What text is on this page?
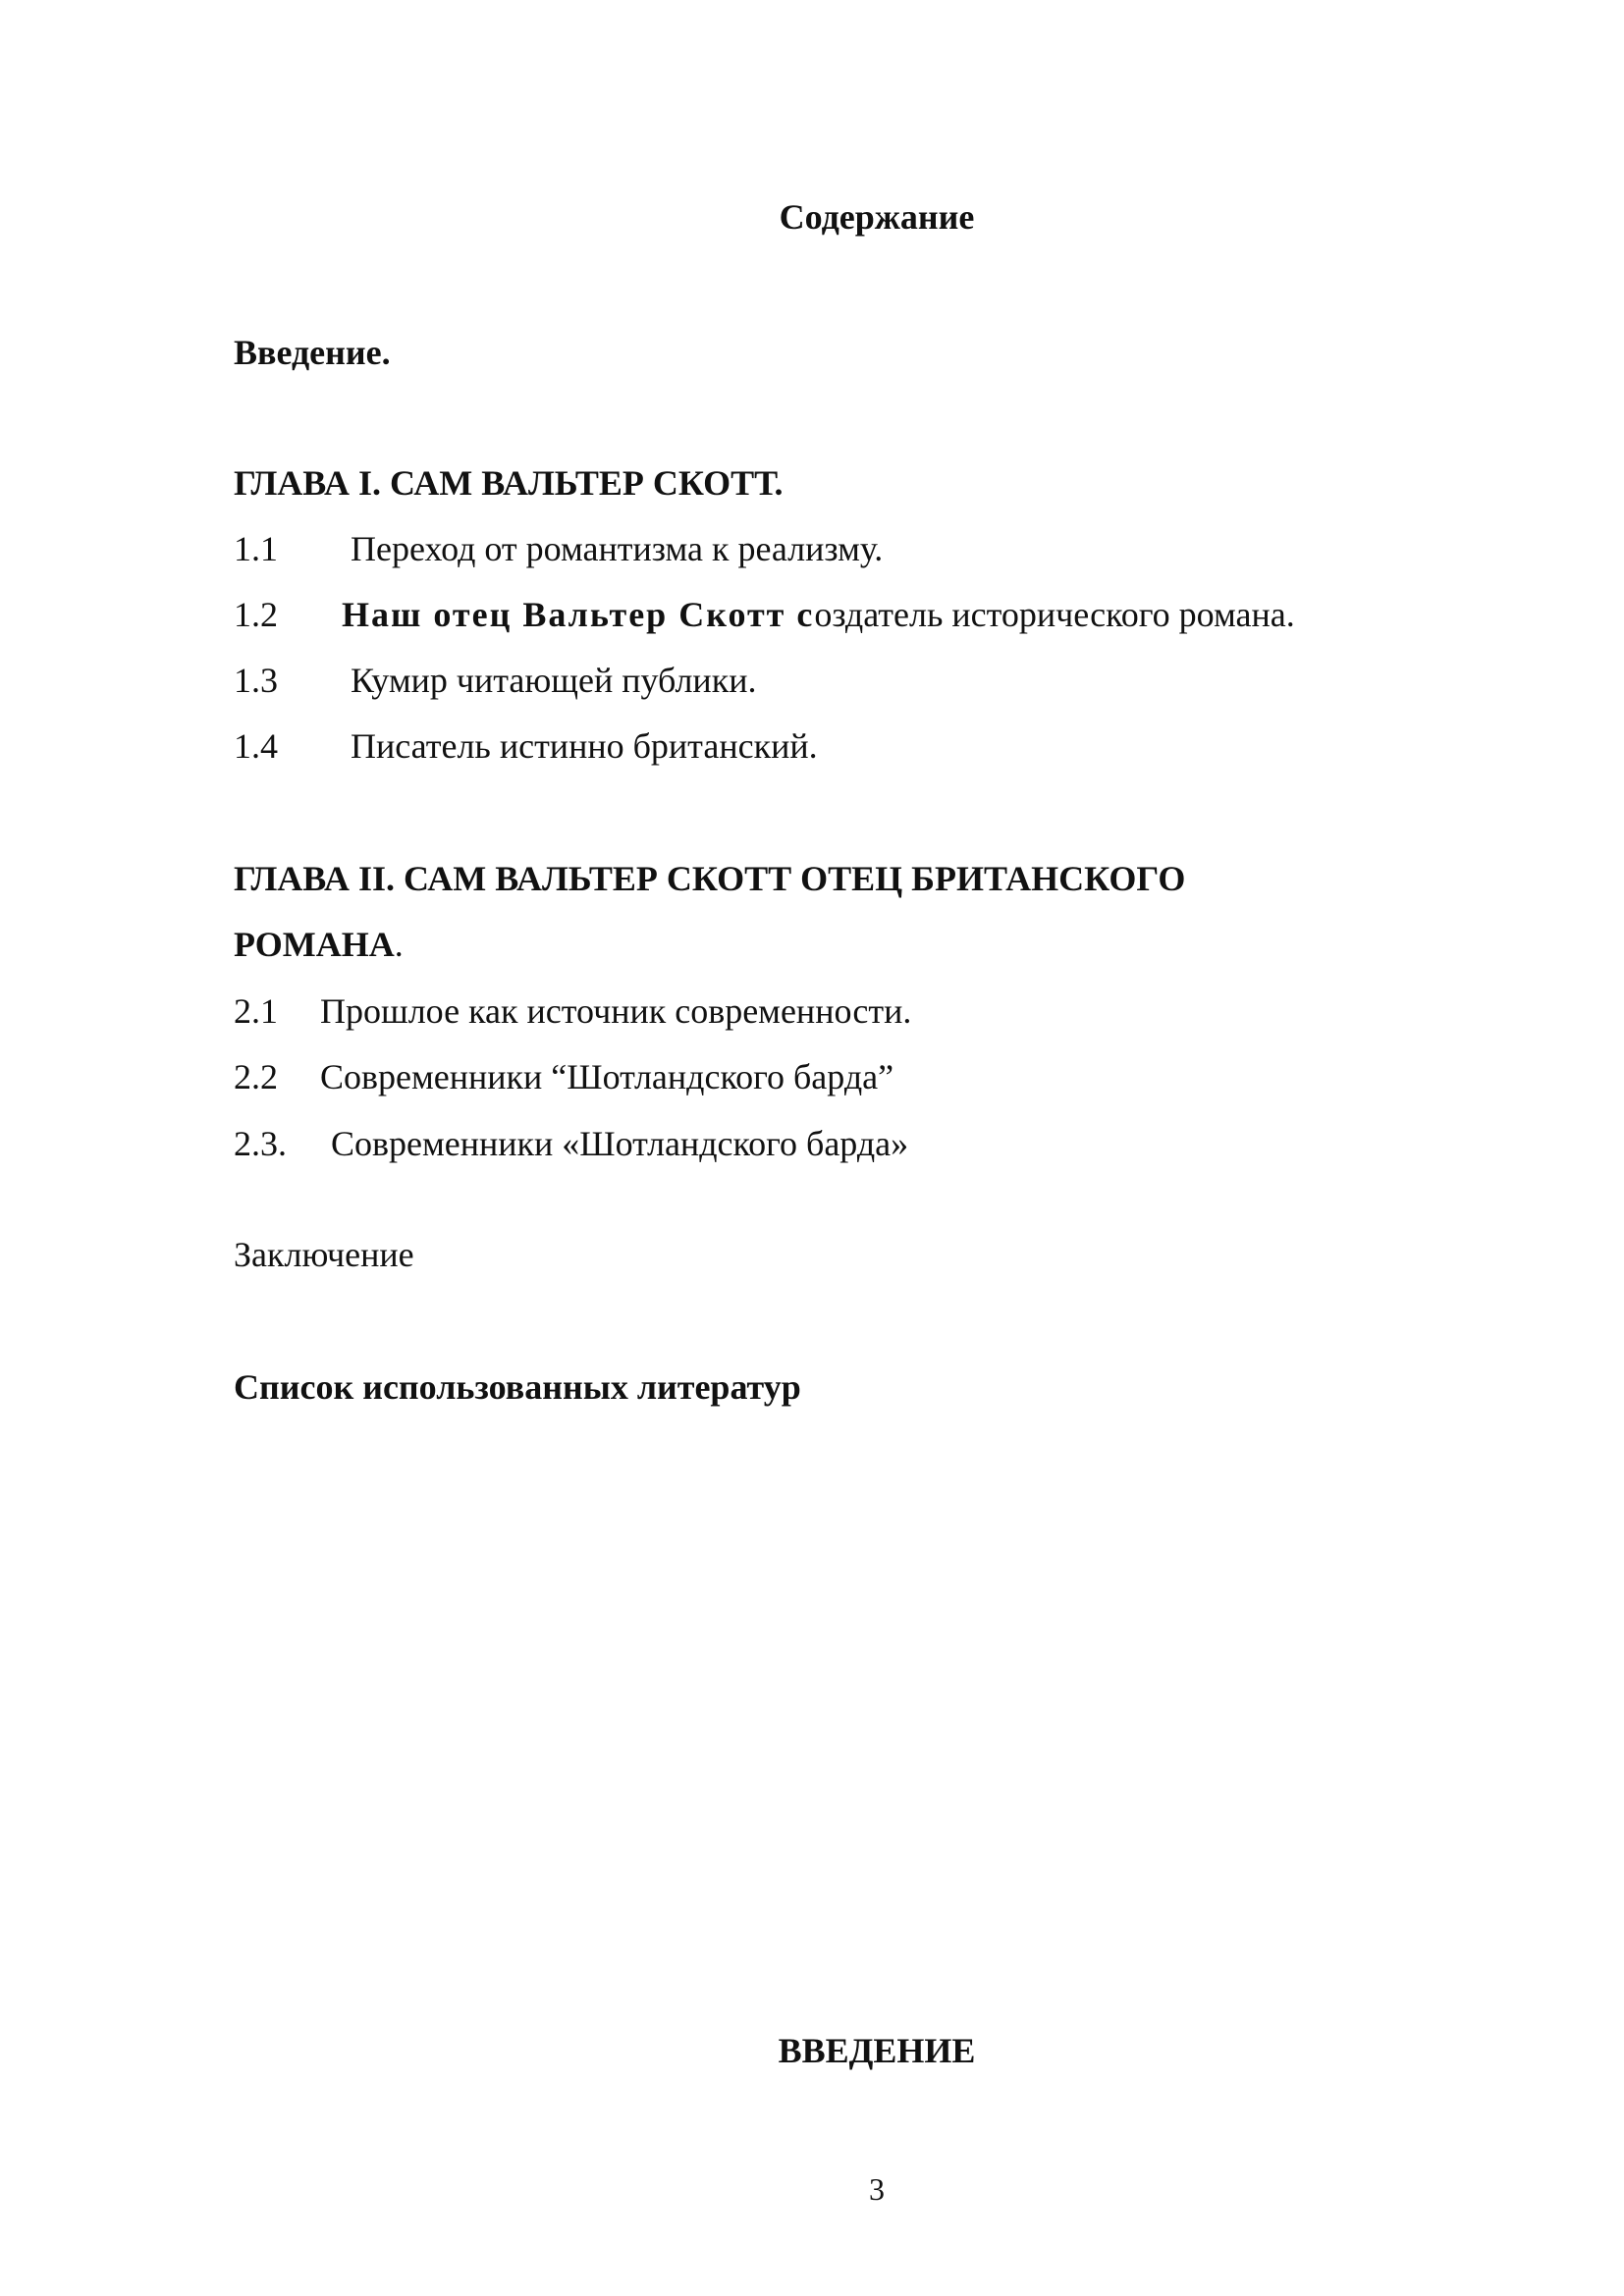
Содержание
Введение.
ГЛАВА I. САМ ВАЛЬТЕР СКОТТ.
1.1 Переход от романтизма к реализму.
1.2 Наш отец Вальтер Скотт создатель исторического романа.
1.3 Кумир читающей публики.
1.4 Писатель истинно британский.
ГЛАВА II. САМ ВАЛЬТЕР СКОТТ ОТЕЦ БРИТАНСКОГО
РОМАНА.
2.1 Прошлое как источник современности.
2.2 Современники “Шотландского барда”
2.3. Современники «Шотландского барда»
Заключение
Список использованных литератур
ВВЕДЕНИЕ
3
